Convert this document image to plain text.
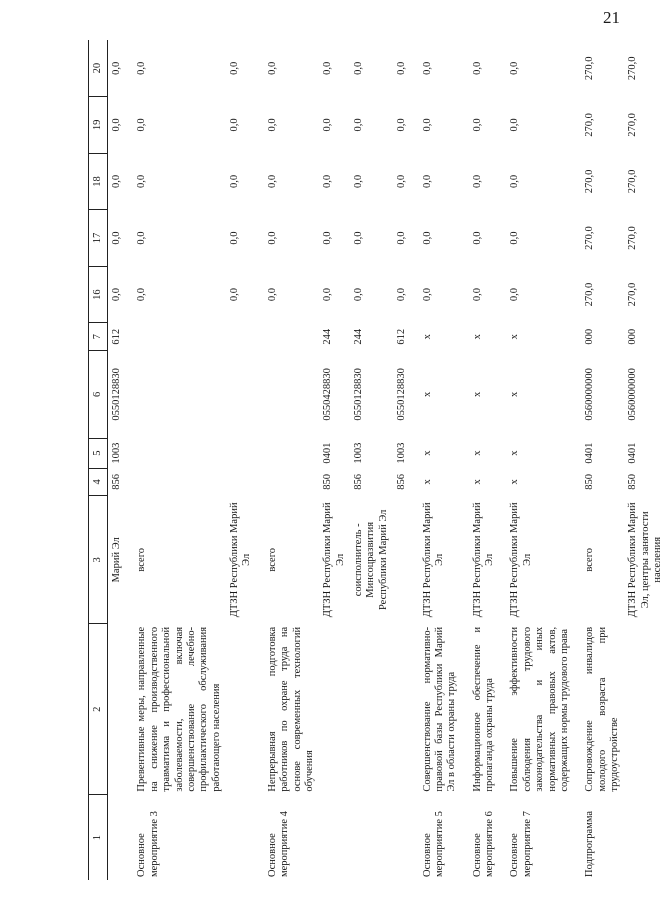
21
1	2	3	4	5	6	7	16	17	18	19	20
		Марий Эл	856	1003	0550128830	612	0,0	0,0	0,0	0,0	0,0
Основное мероприятие 3	Превентивные меры, направленные на снижение производственного травматизма и профессиональной заболеваемости, включая совершенствование лечебно-профилактического обслуживания работающего населения	всего					0,0	0,0	0,0	0,0	0,0
		ДТЗН Республики Марий Эл					0,0	0,0	0,0	0,0	0,0
Основное мероприятие 4	Непрерывная подготовка работников по охране труда на основе современных технологий обучения	всего					0,0	0,0	0,0	0,0	0,0
		ДТЗН Республики Марий Эл	850	0401	0550428830	244	0,0	0,0	0,0	0,0	0,0
		соисполнитель - Минсоцразвития Республики Марий Эл	856	1003	0550128830	244	0,0	0,0	0,0	0,0	0,0
			856	1003	0550128830	612	0,0	0,0	0,0	0,0	0,0
Основное мероприятие 5	Совершенствование нормативно-правовой базы Республики Марий Эл в области охраны труда	ДТЗН Республики Марий Эл	х	х	х	х	0,0	0,0	0,0	0,0	0,0
Основное мероприятие 6	Информационное обеспечение и пропаганда охраны труда	ДТЗН Республики Марий Эл	х	х	х	х	0,0	0,0	0,0	0,0	0,0
Основное мероприятие 7	Повышение эффективности соблюдения трудового законодательства и иных нормативных правовых актов, содержащих нормы трудового права	ДТЗН Республики Марий Эл	х	х	х	х	0,0	0,0	0,0	0,0	0,0
Подпрограмма	Сопровождение инвалидов молодого возраста при трудоустройстве	всего	850	0401	0560000000	000	270,0	270,0	270,0	270,0	270,0
		ДТЗН Республики Марий Эл, центры занятости населения	850	0401	0560000000	000	270,0	270,0	270,0	270,0	270,0
